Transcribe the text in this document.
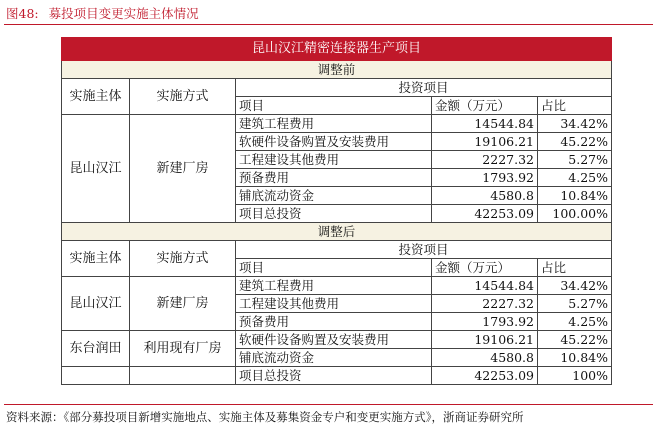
图48: 募投项目变更实施主体情况
昆山汉江精密连接器生产项目				
调整前				
实施主体	实施方式	投资项目		
		项目	金额（万元）	占比
昆山汉江	新建厂房	建筑工程费用	14544.84	34.42%
		软硬件设备购置及安装费用	19106.21	45.22%
		工程建设其他费用	2227.32	5.27%
		预备费用	1793.92	4.25%
		铺底流动资金	4580.8	10.84%
		项目总投资	42253.09	100.00%
调整后				
实施主体	实施方式	投资项目		
		项目	金额（万元）	占比
昆山汉江	新建厂房	建筑工程费用	14544.84	34.42%
		工程建设其他费用	2227.32	5.27%
		预备费用	1793.92	4.25%
东台润田	利用现有厂房	软硬件设备购置及安装费用	19106.21	45.22%
		铺底流动资金	4580.8	10.84%
		项目总投资	42253.09	100%
资料来源：《部分募投项目新增实施地点、实施主体及募集资金专户和变更实施方式》，浙商证券研究所
